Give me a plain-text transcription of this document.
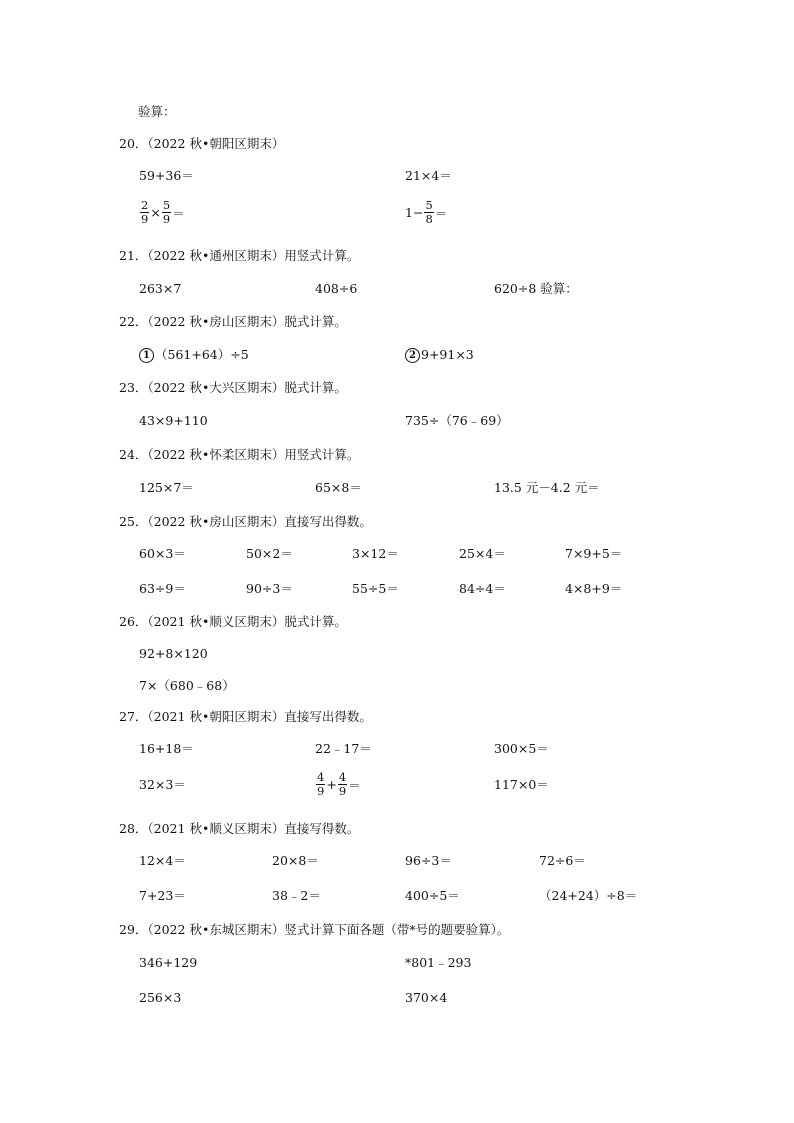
验算：
20．（2022 秋•朝阳区期末）
59+36＝	21×4＝
$\frac{2}{9} \times \frac{5}{9}$ ＝	$1- \frac{5}{8}$ ＝
21．（2022 秋•通州区期末）用竖式计算。
263×7	408÷6	620÷8 验算：
22．（2022 秋•房山区期末）脱式计算。
1 （561+64）÷5	2 9+91×3
23．（2022 秋•大兴区期末）脱式计算。
43×9+110	735÷（76﹣69）
24．（2022 秋•怀柔区期末）用竖式计算。
125×7＝	65×8＝	13.5 元－4.2 元＝
25．（2022 秋•房山区期末）直接写出得数。
60×3＝	50×2＝	3×12＝	25×4＝	7×9+5＝
63÷9＝	90÷3＝	55÷5＝	84÷4＝	4×8+9＝
26．（2021 秋•顺义区期末）脱式计算。
92+8×120
7×（680﹣68）
27．（2021 秋•朝阳区期末）直接写出得数。
16+18＝	22﹣17＝	300×5＝
32×3＝	$\frac{4}{9} + \frac{4}{9}$ ＝	117×0＝
28．（2021 秋•顺义区期末）直接写得数。
12×4＝	20×8＝	96÷3＝	72÷6＝
7+23＝	38﹣2＝	400÷5＝	（24+24）÷8＝
29．（2022 秋•东城区期末）竖式计算下面各题（带*号的题要验算）。
346+129	*801﹣293
256×3	370×4
